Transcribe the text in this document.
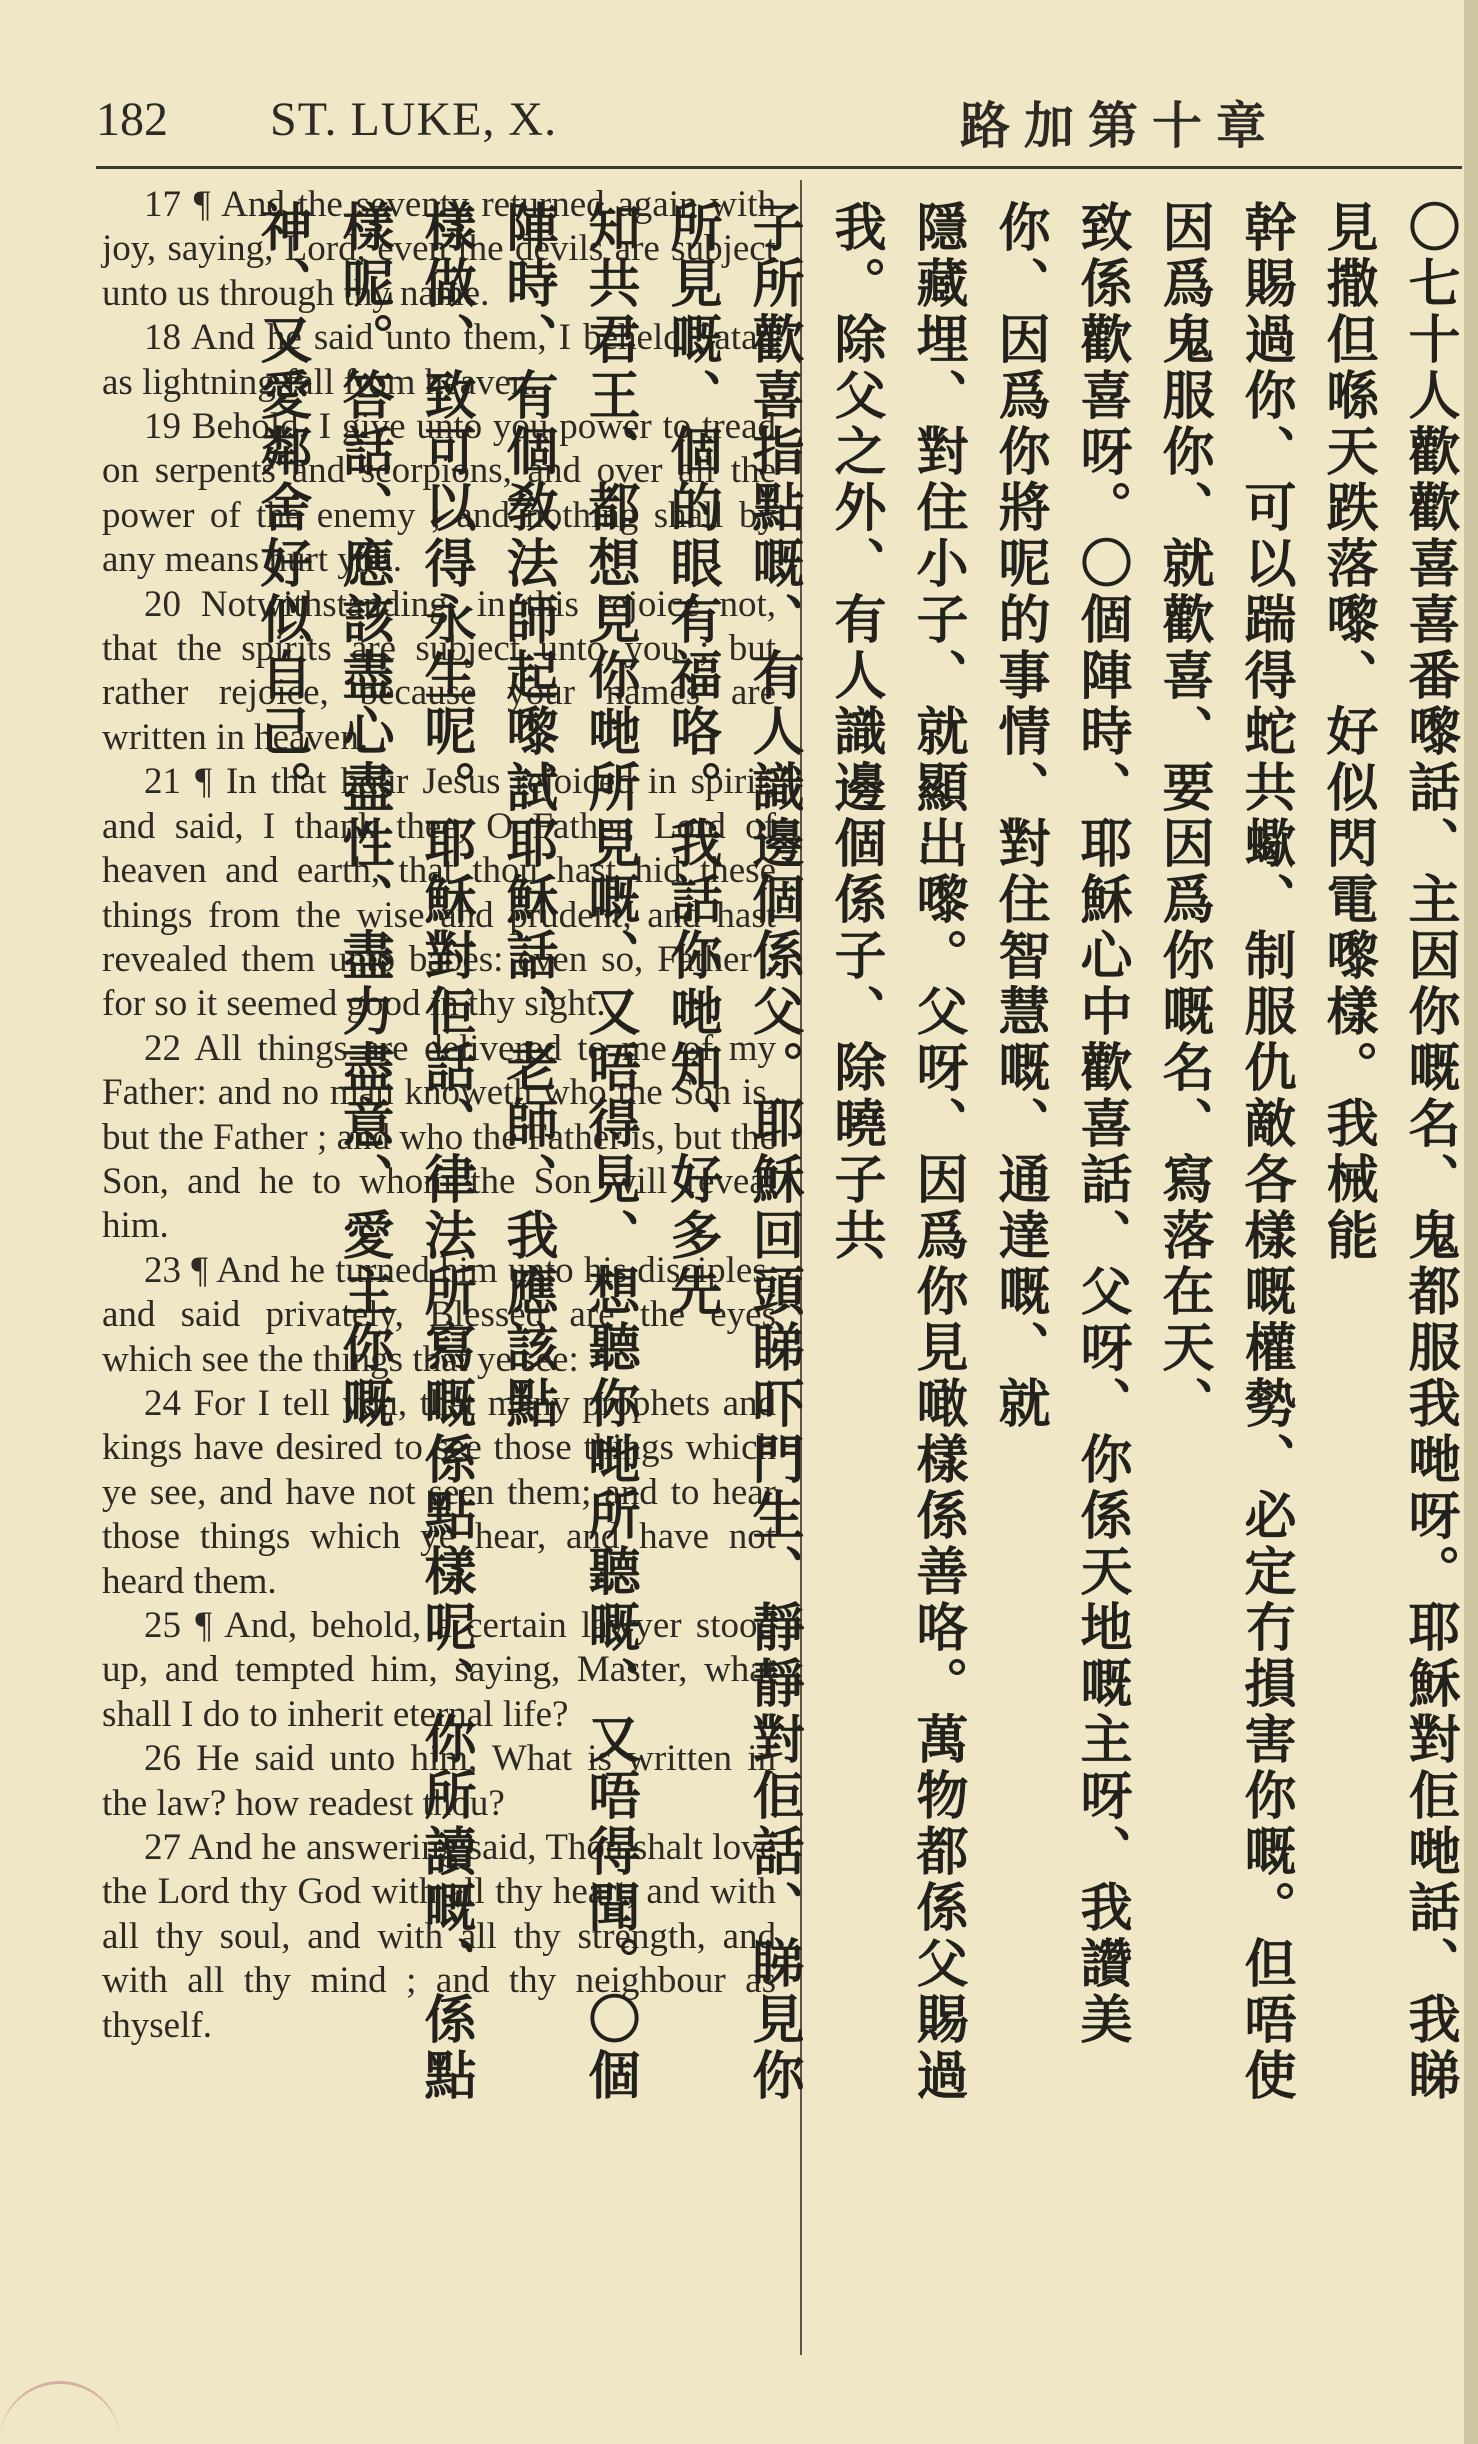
182 ST. LUKE, X.	路加第十章

17 ¶ And the seventy returned again with joy, saying, Lord, even the devils are subject unto us through thy name.

18 And he said unto them, I beheld Satan as lightning fall from heaven.

19 Behold, I give unto you power to tread on serpents and scorpions, and over all the power of the enemy ; and nothing shall by any means hurt you.

20 Notwithstanding, in this rejoice not, that the spirits are subject unto you ; but rather rejoice, because your names are written in heaven.

21 ¶ In that hour Jesus rejoiced in spirit, and said, I thank thee, O Father, Lord of heaven and earth, that thou hast hid these things from the wise and prudent, and hast revealed them unto babes: even so, Father ; for so it seemed good in thy sight.

22 All things are delivered to me of my Father: and no man knoweth who the Son is, but the Father ; and who the Father is, but the Son, and he to whom the Son will reveal him.

23 ¶ And he turned him unto his disciples, and said privately, Blessed are the eyes which see the things that ye see:

24 For I tell you, that many prophets and kings have desired to see those things which ye see, and have not seen them; and to hear those things which ye hear, and have not heard them.

25 ¶ And, behold, a certain lawyer stood up, and tempted him, saying, Master, what shall I do to inherit eternal life?

26 He said unto him, What is written in the law? how readest thou?

27 And he answering said, Thou shalt love the Lord thy God with all thy heart, and with all thy soul, and with all thy strength, and with all thy mind ; and thy neighbour as thyself.	〇七十人歡歡喜喜番嚟話、主因你嘅名、鬼都服我哋呀。耶穌對佢哋話、我睇見撒但喺天跌落嚟、好似閃電嚟樣。我械能

幹賜過你、可以踹得蛇共蠍、制服仇敵各樣嘅權勢、必定冇損害你嘅。但唔使因爲鬼服你、就歡喜、要因爲你嘅名、寫落在天、

致係歡喜呀。〇個陣時、耶穌心中歡喜話、父呀、你係天地嘅主呀、我讚美你、因爲你將呢的事情、對住智慧嘅、通達嘅、就

隱藏埋、對住小子、就顯出嚟。父呀、因爲你見噉樣係善咯。萬物都係父賜過我。除父之外、有人識邊個係子、除曉子共

子所歡喜指點嘅、有人識邊個係父。耶穌回頭睇吓門生、靜靜對佢話、睇見你所見嘅、個的眼有福咯。我話你哋知、好多先

知共君王、都想見你哋所見嘅、又唔得見、想聽你哋所聽嘅、又唔得聞。〇個陣時、有個敎法師起嚟試耶穌話、老師、我應該點

樣做、致可以得永生呢。耶穌對佢話、律法所寫嘅係點樣呢、你所讀嘅、係點樣呢。答話、應該盡心盡性、盡力盡意、愛主你嘅

神、又愛鄰舍好似自己。
